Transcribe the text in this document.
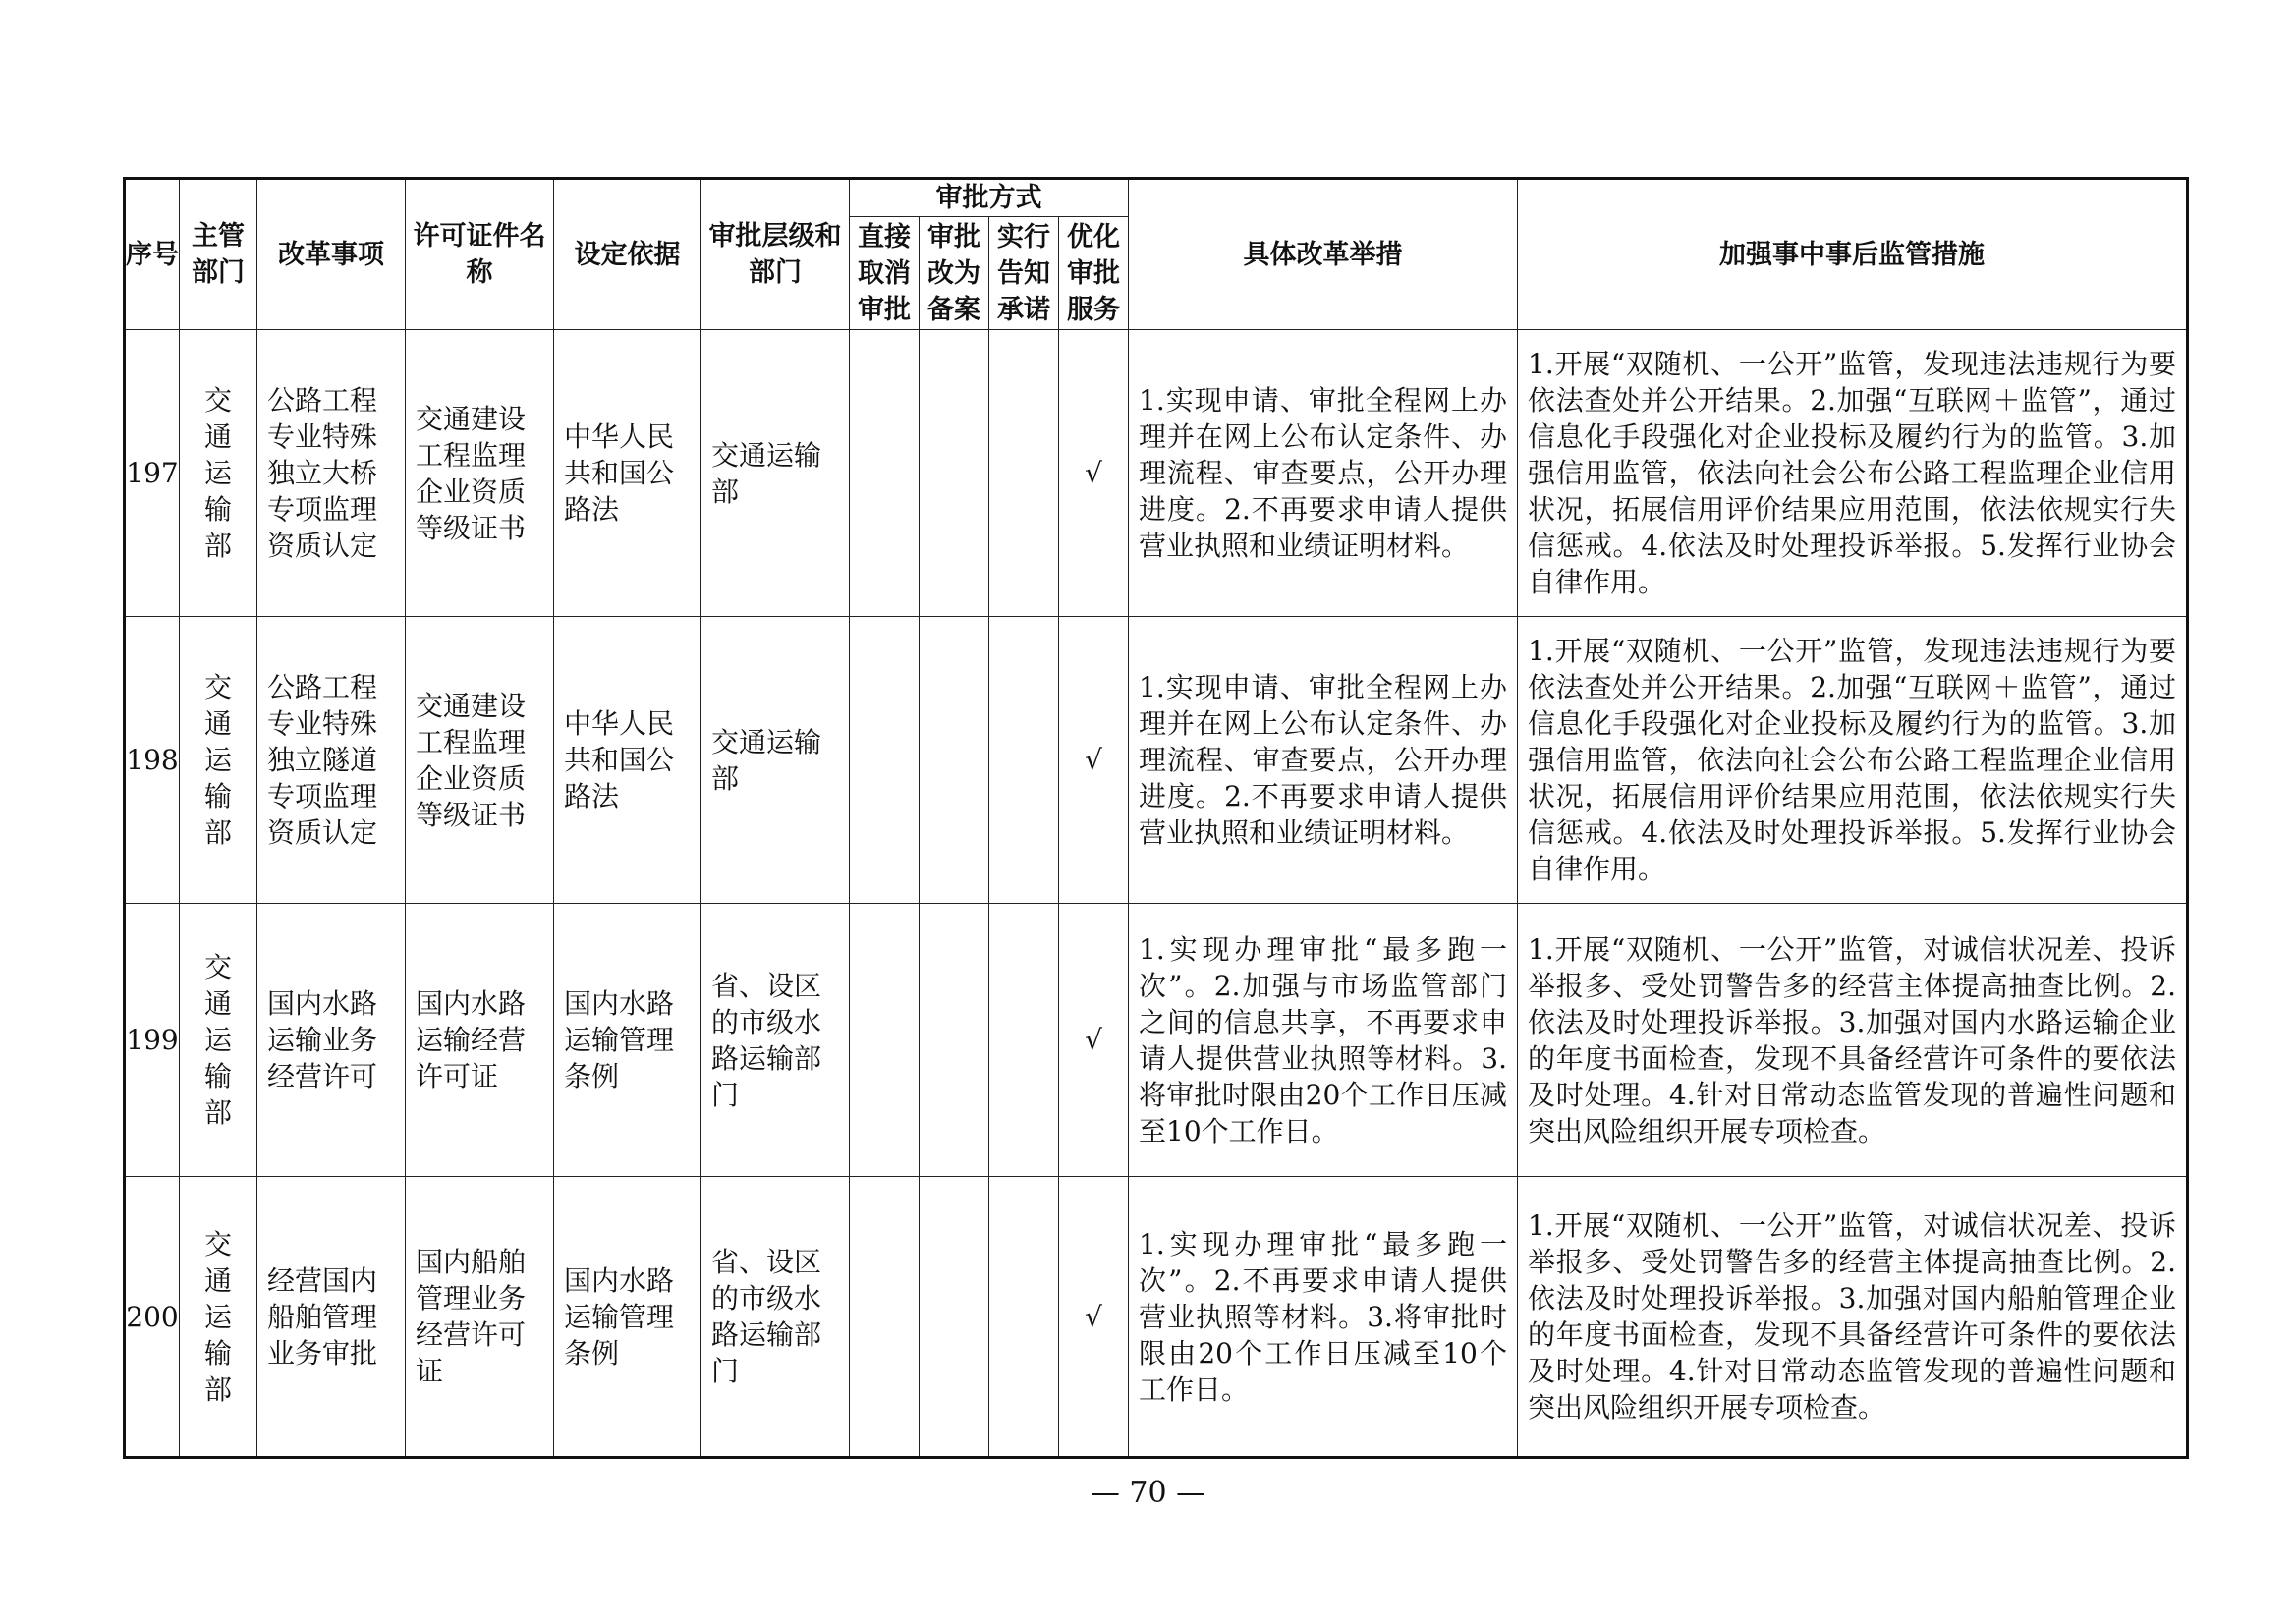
序号	主管部门	改革事项	许可证件名称	设定依据	审批层级和部门	审批方式				具体改革举措	加强事中事后监管措施
						直接取消审批	审批改为备案	实行告知承诺	优化审批服务		
197	交通运输部	公路工程专业特殊独立大桥专项监理资质认定	交通建设工程监理企业资质等级证书	中华人民共和国公路法	交通运输部				√	1.实现申请、审批全程网上办理并在网上公布认定条件、办理流程、审查要点，公开办理进度。2.不再要求申请人提供营业执照和业绩证明材料。	1.开展“双随机、一公开”监管，发现违法违规行为要依法查处并公开结果。2.加强“互联网＋监管”，通过信息化手段强化对企业投标及履约行为的监管。3.加强信用监管，依法向社会公布公路工程监理企业信用状况，拓展信用评价结果应用范围，依法依规实行失信惩戒。4.依法及时处理投诉举报。5.发挥行业协会自律作用。
198	交通运输部	公路工程专业特殊独立隧道专项监理资质认定	交通建设工程监理企业资质等级证书	中华人民共和国公路法	交通运输部				√	1.实现申请、审批全程网上办理并在网上公布认定条件、办理流程、审查要点，公开办理进度。2.不再要求申请人提供营业执照和业绩证明材料。	1.开展“双随机、一公开”监管，发现违法违规行为要依法查处并公开结果。2.加强“互联网＋监管”，通过信息化手段强化对企业投标及履约行为的监管。3.加强信用监管，依法向社会公布公路工程监理企业信用状况，拓展信用评价结果应用范围，依法依规实行失信惩戒。4.依法及时处理投诉举报。5.发挥行业协会自律作用。
199	交通运输部	国内水路运输业务经营许可	国内水路运输经营许可证	国内水路运输管理条例	省、设区的市级水路运输部门				√	1.实现办理审批“最多跑一次”。2.加强与市场监管部门之间的信息共享，不再要求申请人提供营业执照等材料。3.将审批时限由20个工作日压减至10个工作日。	1.开展“双随机、一公开”监管，对诚信状况差、投诉举报多、受处罚警告多的经营主体提高抽查比例。2.依法及时处理投诉举报。3.加强对国内水路运输企业的年度书面检查，发现不具备经营许可条件的要依法及时处理。4.针对日常动态监管发现的普遍性问题和突出风险组织开展专项检查。
200	交通运输部	经营国内船舶管理业务审批	国内船舶管理业务经营许可证	国内水路运输管理条例	省、设区的市级水路运输部门				√	1.实现办理审批“最多跑一次”。2.不再要求申请人提供营业执照等材料。3.将审批时限由20个工作日压减至10个工作日。	1.开展“双随机、一公开”监管，对诚信状况差、投诉举报多、受处罚警告多的经营主体提高抽查比例。2.依法及时处理投诉举报。3.加强对国内船舶管理企业的年度书面检查，发现不具备经营许可条件的要依法及时处理。4.针对日常动态监管发现的普遍性问题和突出风险组织开展专项检查。
— 70 —
